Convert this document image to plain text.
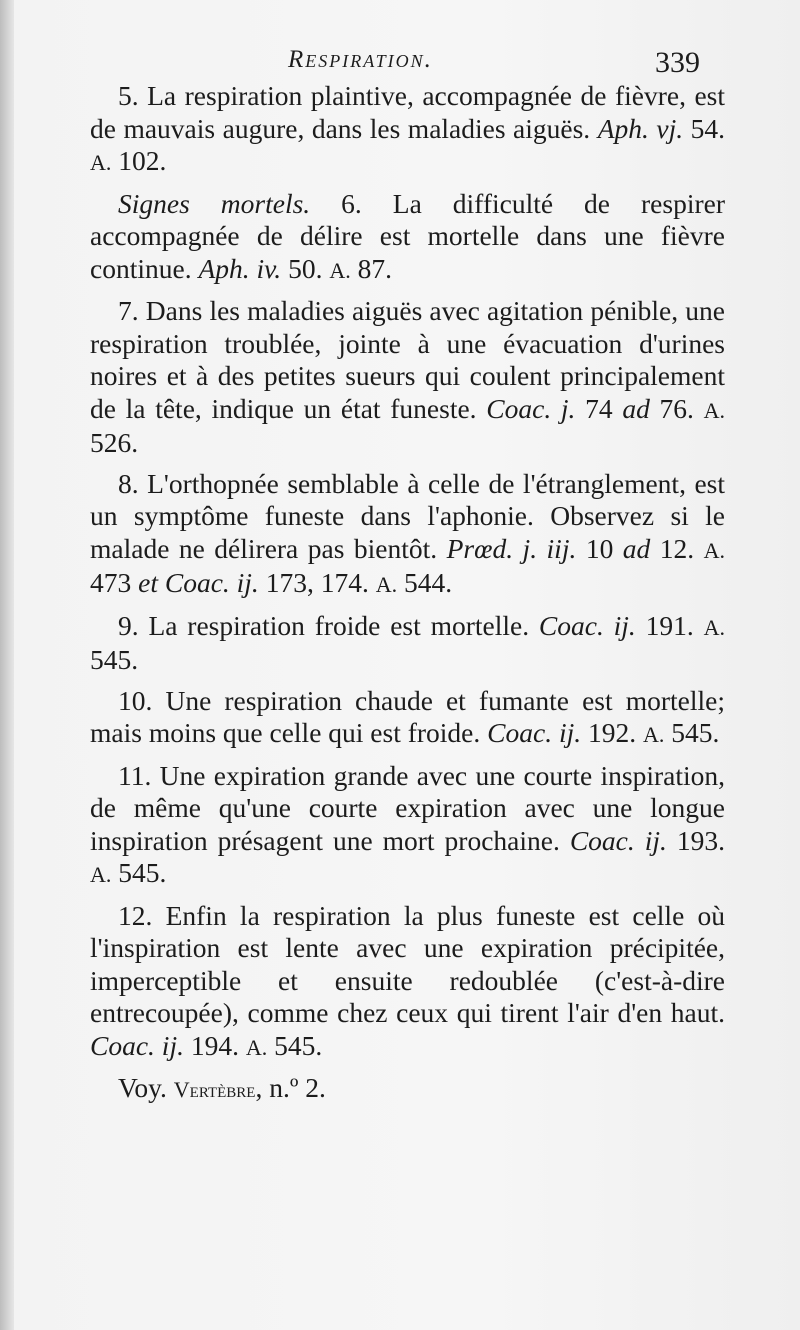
Respiration.	339

5. La respiration plaintive, accompagnée de fièvre, est de mauvais augure, dans les maladies aiguës. Aph. vj. 54. A. 102.

Signes mortels. 6. La difficulté de respirer accompagnée de délire est mortelle dans une fièvre continue. Aph. iv. 50. A. 87.

7. Dans les maladies aiguës avec agitation pénible, une respiration troublée, jointe à une évacuation d'urines noires et à des petites sueurs qui coulent principalement de la tête, indique un état funeste. Coac. j. 74 ad 76. A. 526.

8. L'orthopnée semblable à celle de l'étranglement, est un symptôme funeste dans l'aphonie. Observez si le malade ne délirera pas bientôt. Prœd. j. iij. 10 ad 12. A. 473 et Coac. ij. 173, 174. A. 544.

9. La respiration froide est mortelle. Coac. ij. 191. A. 545.

10. Une respiration chaude et fumante est mortelle; mais moins que celle qui est froide. Coac. ij. 192. A. 545.

11. Une expiration grande avec une courte inspiration, de même qu'une courte expiration avec une longue inspiration présagent une mort prochaine. Coac. ij. 193. A. 545.

12. Enfin la respiration la plus funeste est celle où l'inspiration est lente avec une expiration précipitée, imperceptible et ensuite redoublée (c'est-à-dire entrecoupée), comme chez ceux qui tirent l'air d'en haut. Coac. ij. 194. A. 545.

Voy. Vertèbre, n.º 2.
